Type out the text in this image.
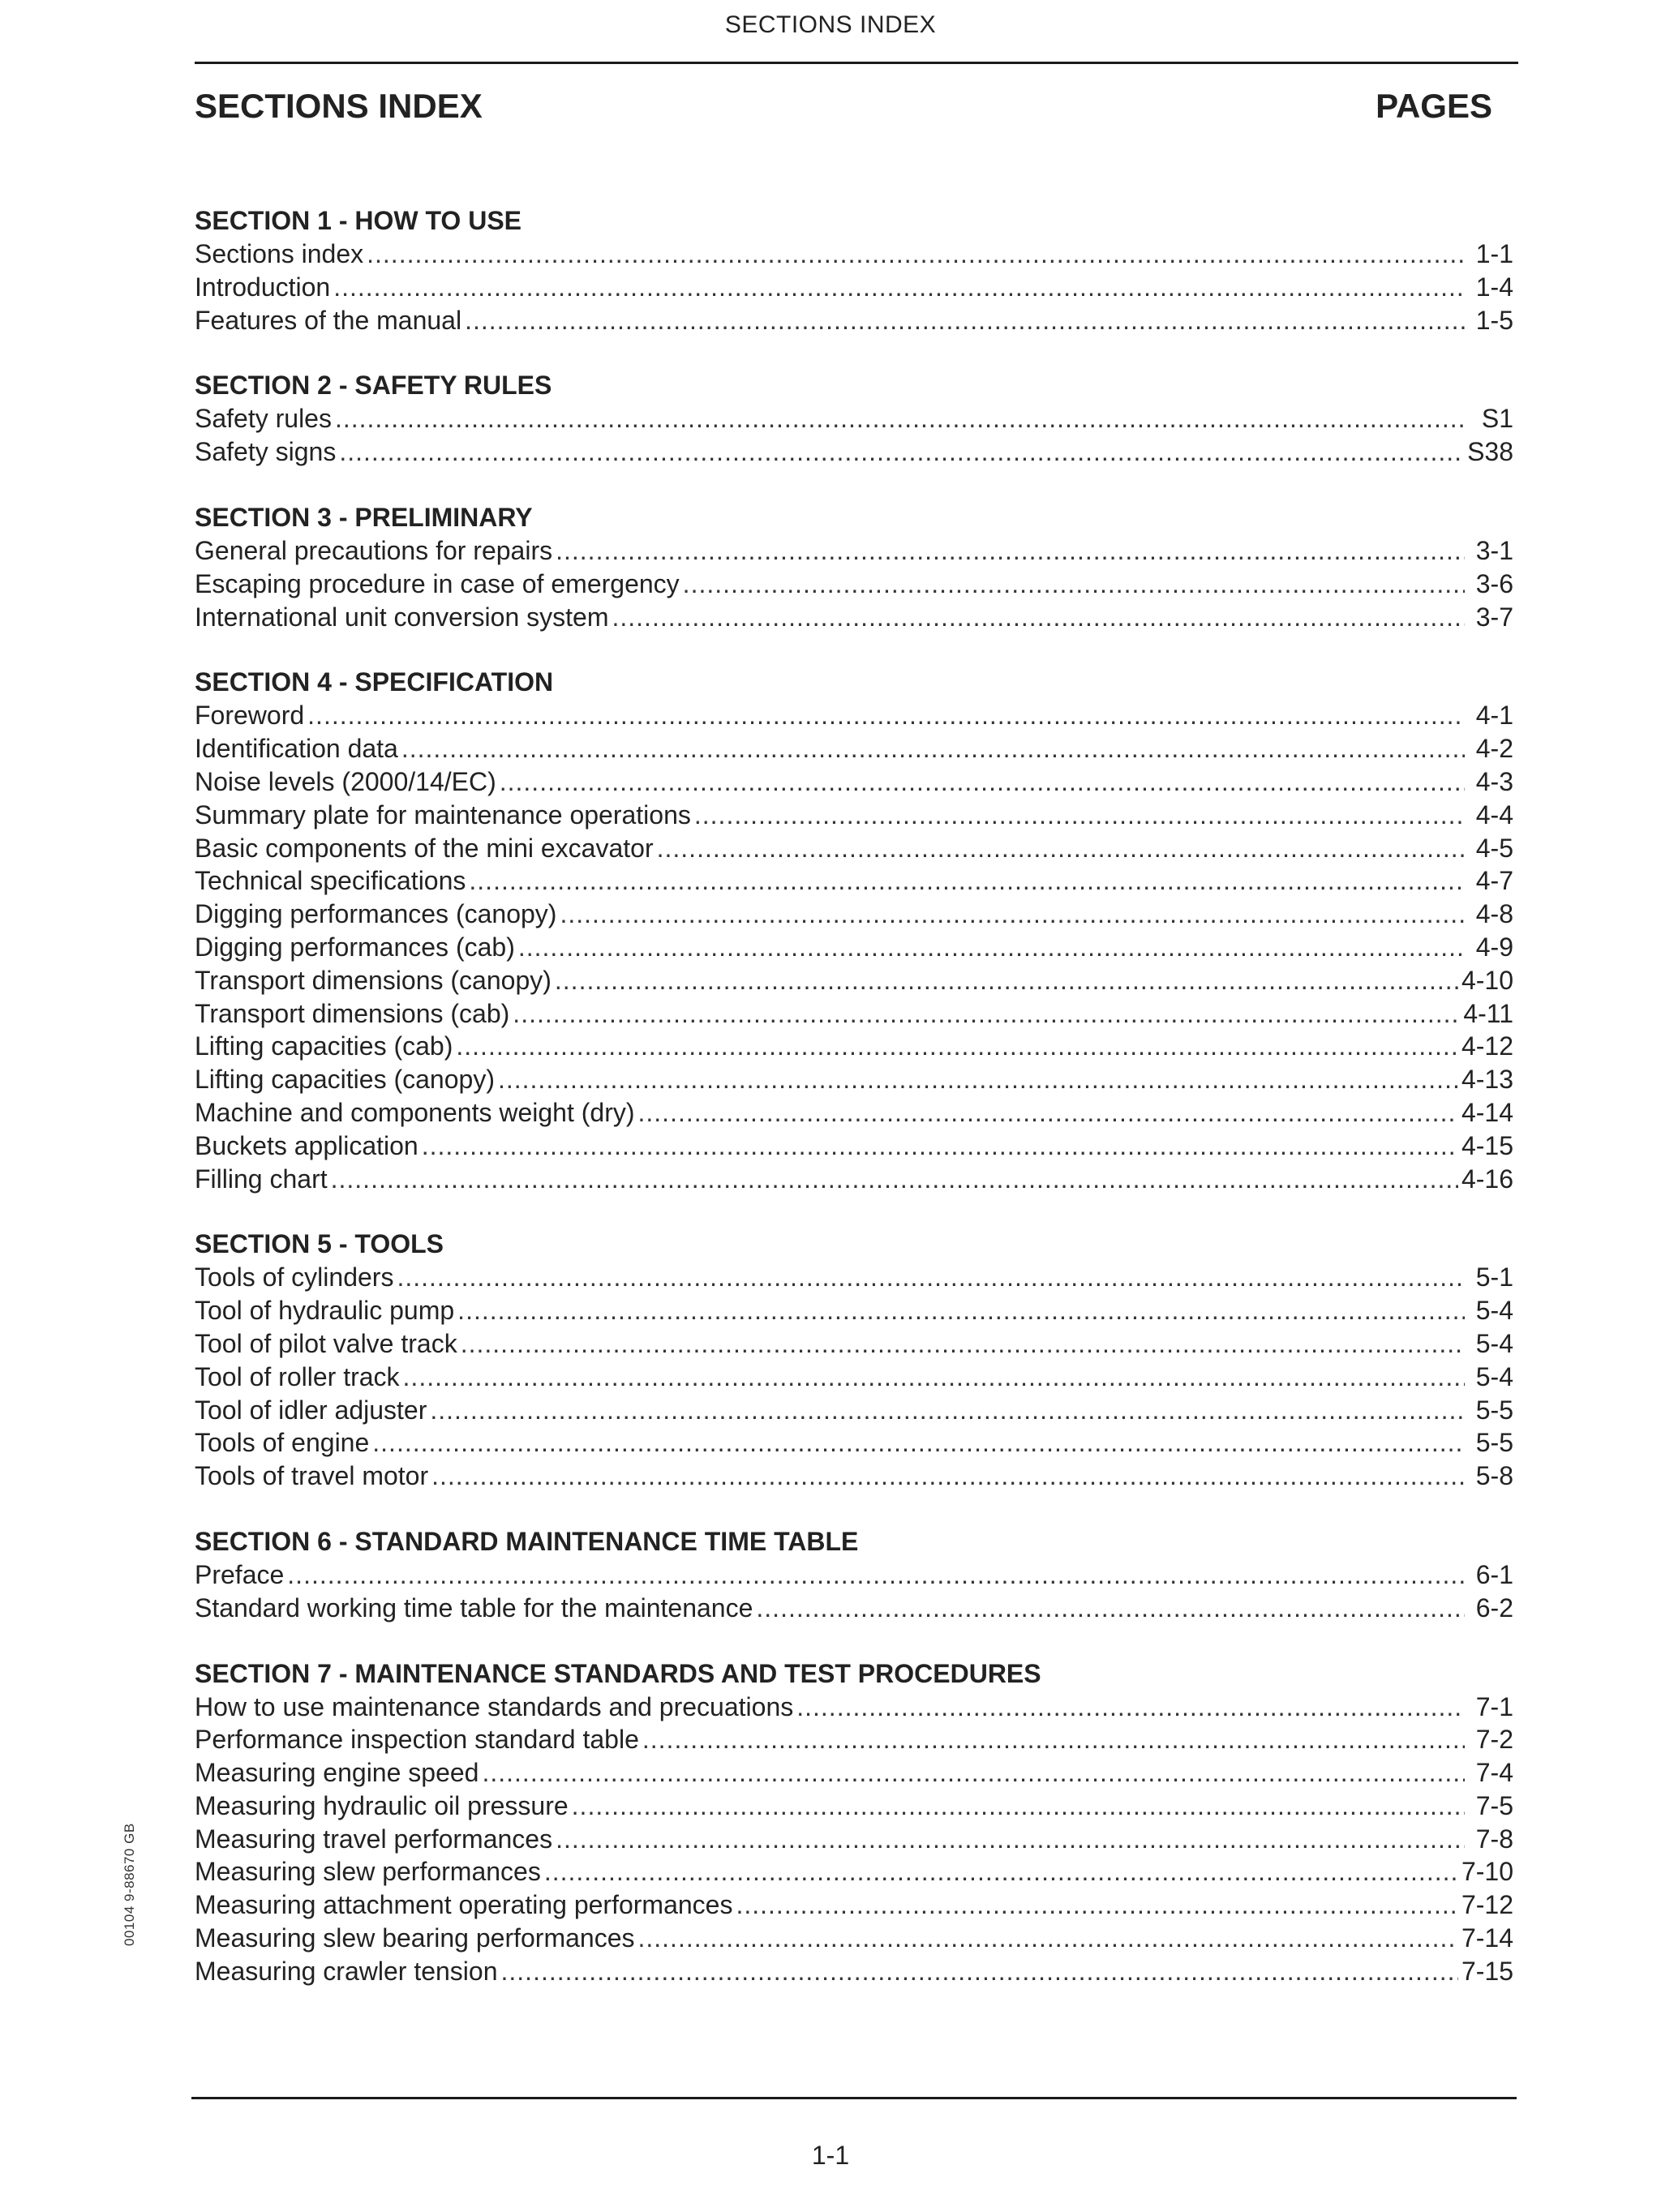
SECTIONS INDEX
SECTIONS INDEX	PAGES
SECTION 1 - HOW TO USE
Sections index .....	1-1
Introduction .....	1-4
Features of the manual .....	1-5
SECTION 2 - SAFETY RULES
Safety rules .....	S1
Safety signs .....	S38
SECTION 3 - PRELIMINARY
General precautions for repairs .....	3-1
Escaping procedure in case of emergency .....	3-6
International unit conversion system .....	3-7
SECTION 4 - SPECIFICATION
Foreword .....	4-1
Identification data .....	4-2
Noise levels (2000/14/EC) .....	4-3
Summary plate for maintenance operations .....	4-4
Basic components of the mini excavator .....	4-5
Technical specifications .....	4-7
Digging performances (canopy) .....	4-8
Digging performances (cab) .....	4-9
Transport dimensions (canopy) .....	4-10
Transport dimensions (cab) .....	4-11
Lifting capacities (cab) .....	4-12
Lifting capacities (canopy) .....	4-13
Machine and components weight (dry) .....	4-14
Buckets application .....	4-15
Filling chart .....	4-16
SECTION 5 - TOOLS
Tools of cylinders .....	5-1
Tool of hydraulic pump .....	5-4
Tool of pilot valve track .....	5-4
Tool of roller track .....	5-4
Tool of idler adjuster .....	5-5
Tools of engine .....	5-5
Tools of travel motor .....	5-8
SECTION 6 - STANDARD MAINTENANCE TIME TABLE
Preface .....	6-1
Standard working time table for the maintenance .....	6-2
SECTION 7 - MAINTENANCE STANDARDS AND TEST PROCEDURES
How to use maintenance standards and precuations .....	7-1
Performance inspection standard table .....	7-2
Measuring engine speed .....	7-4
Measuring hydraulic oil pressure .....	7-5
Measuring travel performances .....	7-8
Measuring slew performances .....	7-10
Measuring attachment operating performances .....	7-12
Measuring slew bearing performances .....	7-14
Measuring crawler tension .....	7-15
00104 9-88670 GB
1-1
